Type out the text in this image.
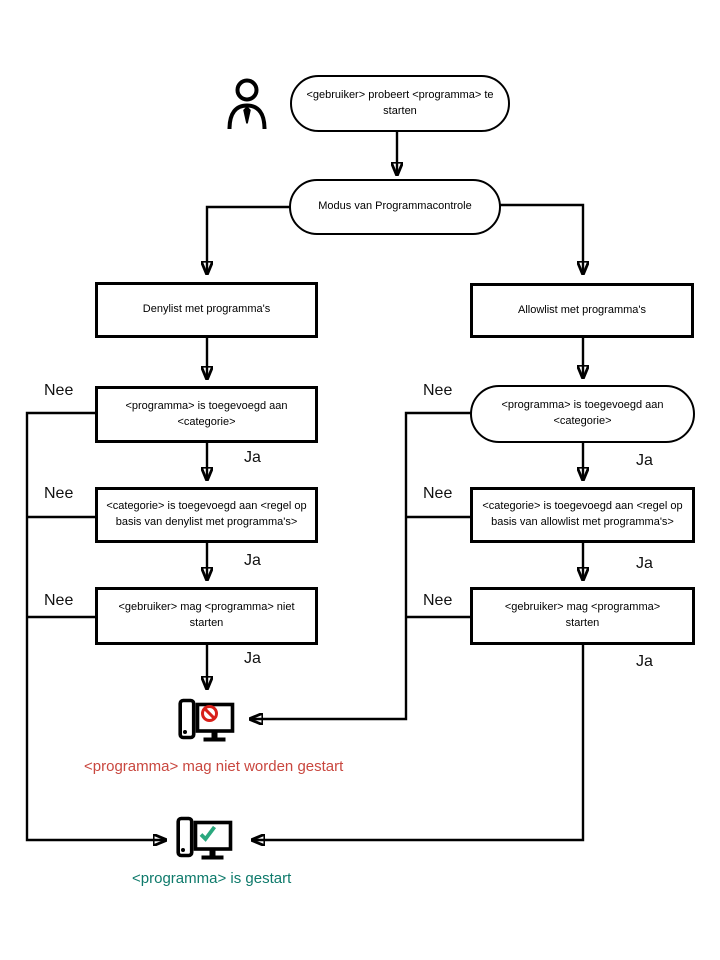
<gebruiker> probeert <programma> te starten
Modus van Programmacontrole
Denylist met programma's	Allowlist met programma's
<programma> is toegevoegd aan <categorie>
<categorie> is toegevoegd aan <regel op basis van denylist met programma's>
<gebruiker> mag <programma> niet starten
<programma> is toegevoegd aan <categorie>
<categorie> is toegevoegd aan <regel op basis van allowlist met programma's>
<gebruiker> mag <programma> starten
Nee
Nee
Nee
Ja
Ja
Ja
Nee
Nee
Nee
Ja
Ja
Ja
<programma> mag niet worden gestart
<programma> is gestart
